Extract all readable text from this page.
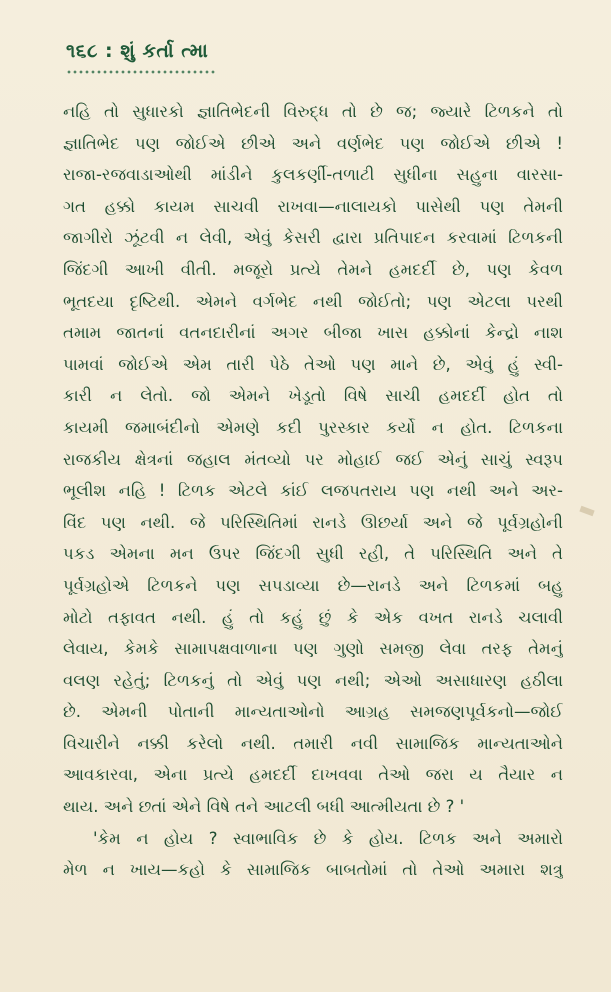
૧૬૮ : શું કર્તા ત્મા
નહિ તો સુધારકો જ્ઞાતિભેદની વિરુદ્ધ તો છે જ; જ્યારે ટિળકને તો
જ્ઞાતિભેદ પણ જોઈએ છીએ અને વર્ણભેદ પણ જોઈએ છીએ !
રાજા-રજવાડાઓથી માંડીને કુલકર્ણી-તળાટી સુધીના સહુના વારસા-
ગત હક્કો કાયમ સાચવી રાખવા—નાલાયકો પાસેથી પણ તેમની
જાગીરો ઝૂંટવી ન લેવી, એવું કેસરી દ્વારા પ્રતિપાદન કરવામાં ટિળકની
જિંદગી આખી વીતી. મજૂરો પ્રત્યે તેમને હમદર્દી છે, પણ કેવળ
ભૂતદયા દૃષ્ટિથી. એમને વર્ગભેદ નથી જોઈતો; પણ એટલા પરથી
તમામ જાતનાં વતનદારીનાં અગર બીજા ખાસ હક્કોનાં કેન્દ્રો નાશ
પામવાં જોઈએ એમ તારી પેઠે તેઓ પણ માને છે, એવું હું સ્વી-
કારી ન લેતો. જો એમને ખેડૂતો વિષે સાચી હમદર્દી હોત તો
કાયમી જમાબંદીનો એમણે કદી પુરસ્કાર કર્યો ન હોત. ટિળકના
રાજકીય ક્ષેત્રનાં જહાલ મંતવ્યો પર મોહાઈ જઈ એનું સાચું સ્વરૂપ
ભૂલીશ નહિ ! ટિળક એટલે કાંઈ લજપતરાય પણ નથી અને અર-
વિંદ પણ નથી. જે પરિસ્થિતિમાં રાનડે ઊછર્યા અને જે પૂર્વગ્રહોની
પકડ એમના મન ઉપર જિંદગી સુધી રહી, તે પરિસ્થિતિ અને તે
પૂર્વગ્રહોએ ટિળકને પણ સપડાવ્યા છે—રાનડે અને ટિળકમાં બહુ
મોટો તફાવત નથી. હું તો કહું છું કે એક વખત રાનડે ચલાવી
લેવાય, કેમકે સામાપક્ષવાળાના પણ ગુણો સમજી લેવા તરફ તેમનું
વલણ રહેતું; ટિળકનું તો એવું પણ નથી; એઓ અસાધારણ હઠીલા
છે. એમની પોતાની માન્યતાઓનો આગ્રહ સમજણપૂર્વકનો—જોઈ
વિચારીને નક્કી કરેલો નથી. તમારી નવી સામાજિક માન્યતાઓને
આવકારવા, એના પ્રત્યે હમદર્દી દાખવવા તેઓ જરા ય તૈયાર ન
થાય. અને છતાં એને વિષે તને આટલી બધી આત્મીયતા છે ? '
'કેમ ન હોય ? સ્વાભાવિક છે કે હોય. ટિળક અને અમારો
મેળ ન ખાય—કહો કે સામાજિક બાબતોમાં તો તેઓ અમારા શત્રુ
